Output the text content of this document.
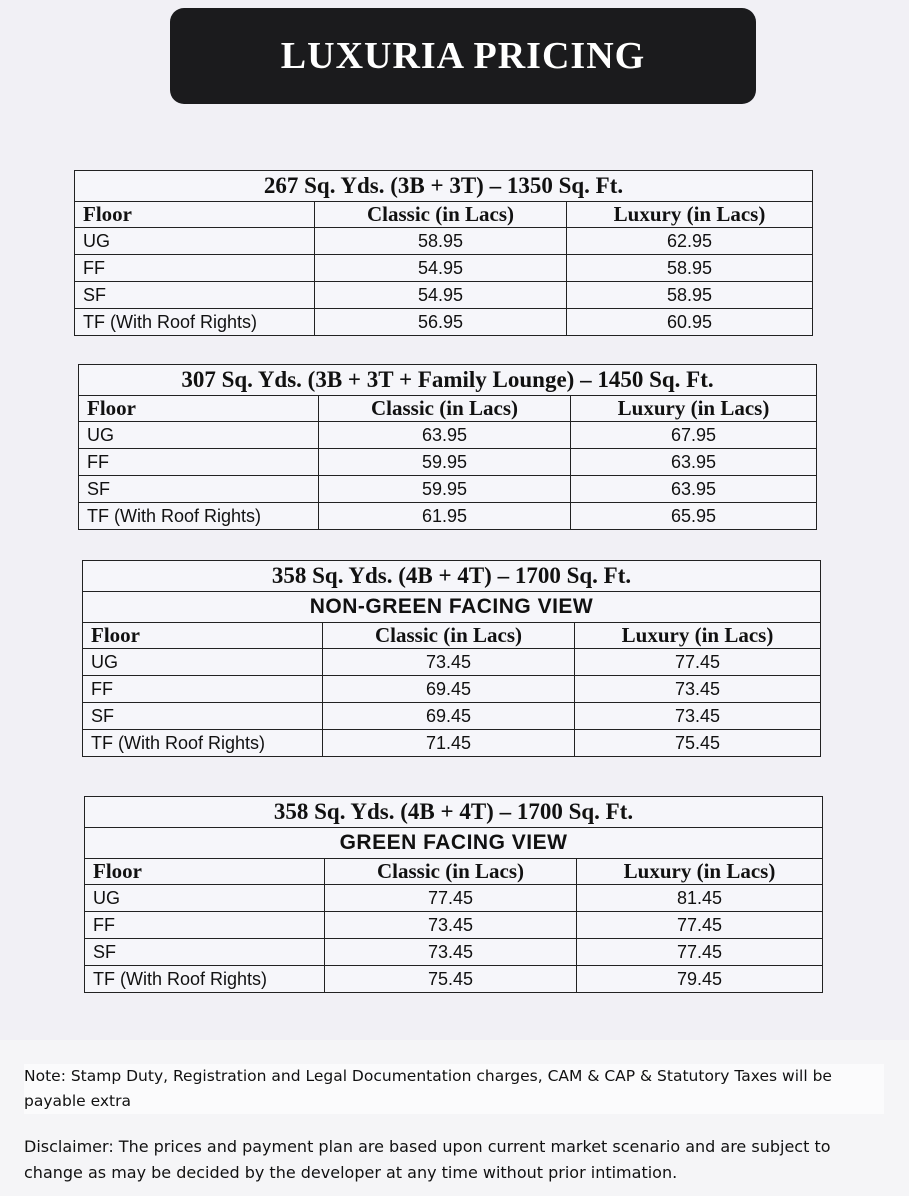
LUXURIA PRICING
267 Sq. Yds. (3B + 3T) – 1350 Sq. Ft.		
Floor	Classic (in Lacs)	Luxury (in Lacs)
UG	58.95	62.95
FF	54.95	58.95
SF	54.95	58.95
TF (With Roof Rights)	56.95	60.95
307 Sq. Yds. (3B + 3T + Family Lounge) – 1450 Sq. Ft.		
Floor	Classic (in Lacs)	Luxury (in Lacs)
UG	63.95	67.95
FF	59.95	63.95
SF	59.95	63.95
TF (With Roof Rights)	61.95	65.95
358 Sq. Yds. (4B + 4T) – 1700 Sq. Ft.		
NON-GREEN FACING VIEW		
Floor	Classic (in Lacs)	Luxury (in Lacs)
UG	73.45	77.45
FF	69.45	73.45
SF	69.45	73.45
TF (With Roof Rights)	71.45	75.45
358 Sq. Yds. (4B + 4T) – 1700 Sq. Ft.		
GREEN FACING VIEW		
Floor	Classic (in Lacs)	Luxury (in Lacs)
UG	77.45	81.45
FF	73.45	77.45
SF	73.45	77.45
TF (With Roof Rights)	75.45	79.45
Note: Stamp Duty, Registration and Legal Documentation charges, CAM & CAP & Statutory Taxes will be payable extra
Disclaimer: The prices and payment plan are based upon current market scenario and are subject to change as may be decided by the developer at any time without prior intimation.
